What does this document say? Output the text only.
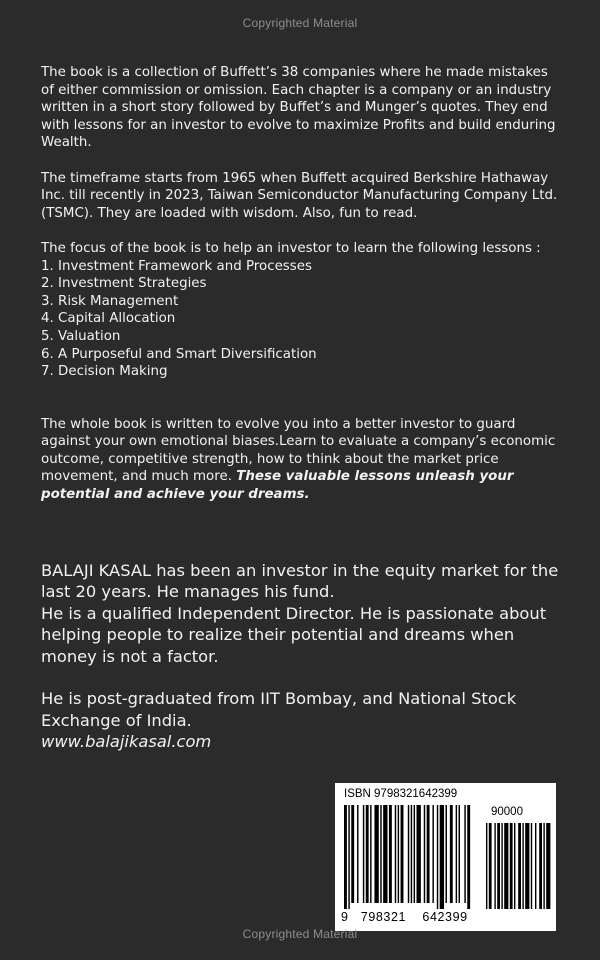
Copyrighted Material

The book is a collection of Buffett’s 38 companies where he made mistakes of either commission or omission. Each chapter is a company or an industry written in a short story followed by Buffet’s and Munger’s quotes. They end with lessons for an investor to evolve to maximize Profits and build enduring Wealth.

The timeframe starts from 1965 when Buffett acquired Berkshire Hathaway Inc. till recently in 2023, Taiwan Semiconductor Manufacturing Company Ltd. (TSMC). They are loaded with wisdom. Also, fun to read.

The focus of the book is to help an investor to learn the following lessons :

1. Investment Framework and Processes
2. Investment Strategies
3. Risk Management
4. Capital Allocation
5. Valuation
6. A Purposeful and Smart Diversification
7. Decision Making

The whole book is written to evolve you into a better investor to guard against your own emotional biases.Learn to evaluate a company’s economic outcome, competitive strength, how to think about the market price movement, and much more. These valuable lessons unleash your potential and achieve your dreams.

BALAJI KASAL has been an investor in the equity market for the last 20 years. He manages his fund.

He is a qualified Independent Director. He is passionate about helping people to realize their potential and dreams when money is not a factor.

He is post-graduated from IIT Bombay, and National Stock Exchange of India.

www.balajikasal.com

ISBN 9798321642399
90000
9 798321 642399
Copyrighted Material
